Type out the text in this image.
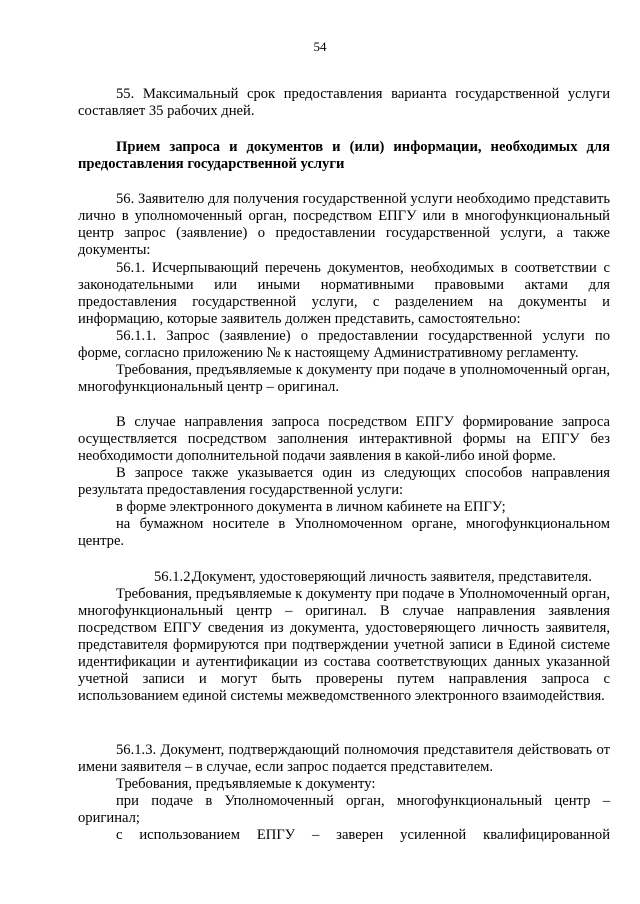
54
55. Максимальный срок предоставления варианта государственной услуги составляет 35 рабочих дней.
Прием запроса и документов и (или) информации, необходимых для предоставления государственной услуги
56. Заявителю для получения государственной услуги необходимо представить лично в уполномоченный орган, посредством ЕПГУ или в многофункциональный центр запрос (заявление) о предоставлении государственной услуги, а также документы:
56.1. Исчерпывающий перечень документов, необходимых в соответствии с законодательными или иными нормативными правовыми актами для предоставления государственной услуги, с разделением на документы и информацию, которые заявитель должен представить, самостоятельно:
56.1.1. Запрос (заявление) о предоставлении государственной услуги по форме, согласно приложению № к настоящему Административному регламенту.
Требования, предъявляемые к документу при подаче в уполномоченный орган, многофункциональный центр – оригинал.
В случае направления запроса посредством ЕПГУ формирование запроса осуществляется посредством заполнения интерактивной формы на ЕПГУ без необходимости дополнительной подачи заявления в какой-либо иной форме.
В запросе также указывается один из следующих способов направления результата предоставления государственной услуги:
в форме электронного документа в личном кабинете на ЕПГУ;
на бумажном носителе в Уполномоченном органе, многофункциональном центре.
56.1.2.Документ, удостоверяющий личность заявителя, представителя.
Требования, предъявляемые к документу при подаче в Уполномоченный орган, многофункциональный центр – оригинал. В случае направления заявления посредством ЕПГУ сведения из документа, удостоверяющего личность заявителя, представителя формируются при подтверждении учетной записи в Единой системе идентификации и аутентификации из состава соответствующих данных указанной учетной записи и могут быть проверены путем направления запроса с использованием единой системы межведомственного электронного взаимодействия.
56.1.3. Документ, подтверждающий полномочия представителя действовать от имени заявителя – в случае, если запрос подается представителем.
Требования, предъявляемые к документу:
при подаче в Уполномоченный орган, многофункциональный центр – оригинал;
с использованием ЕПГУ – заверен усиленной квалифицированной
